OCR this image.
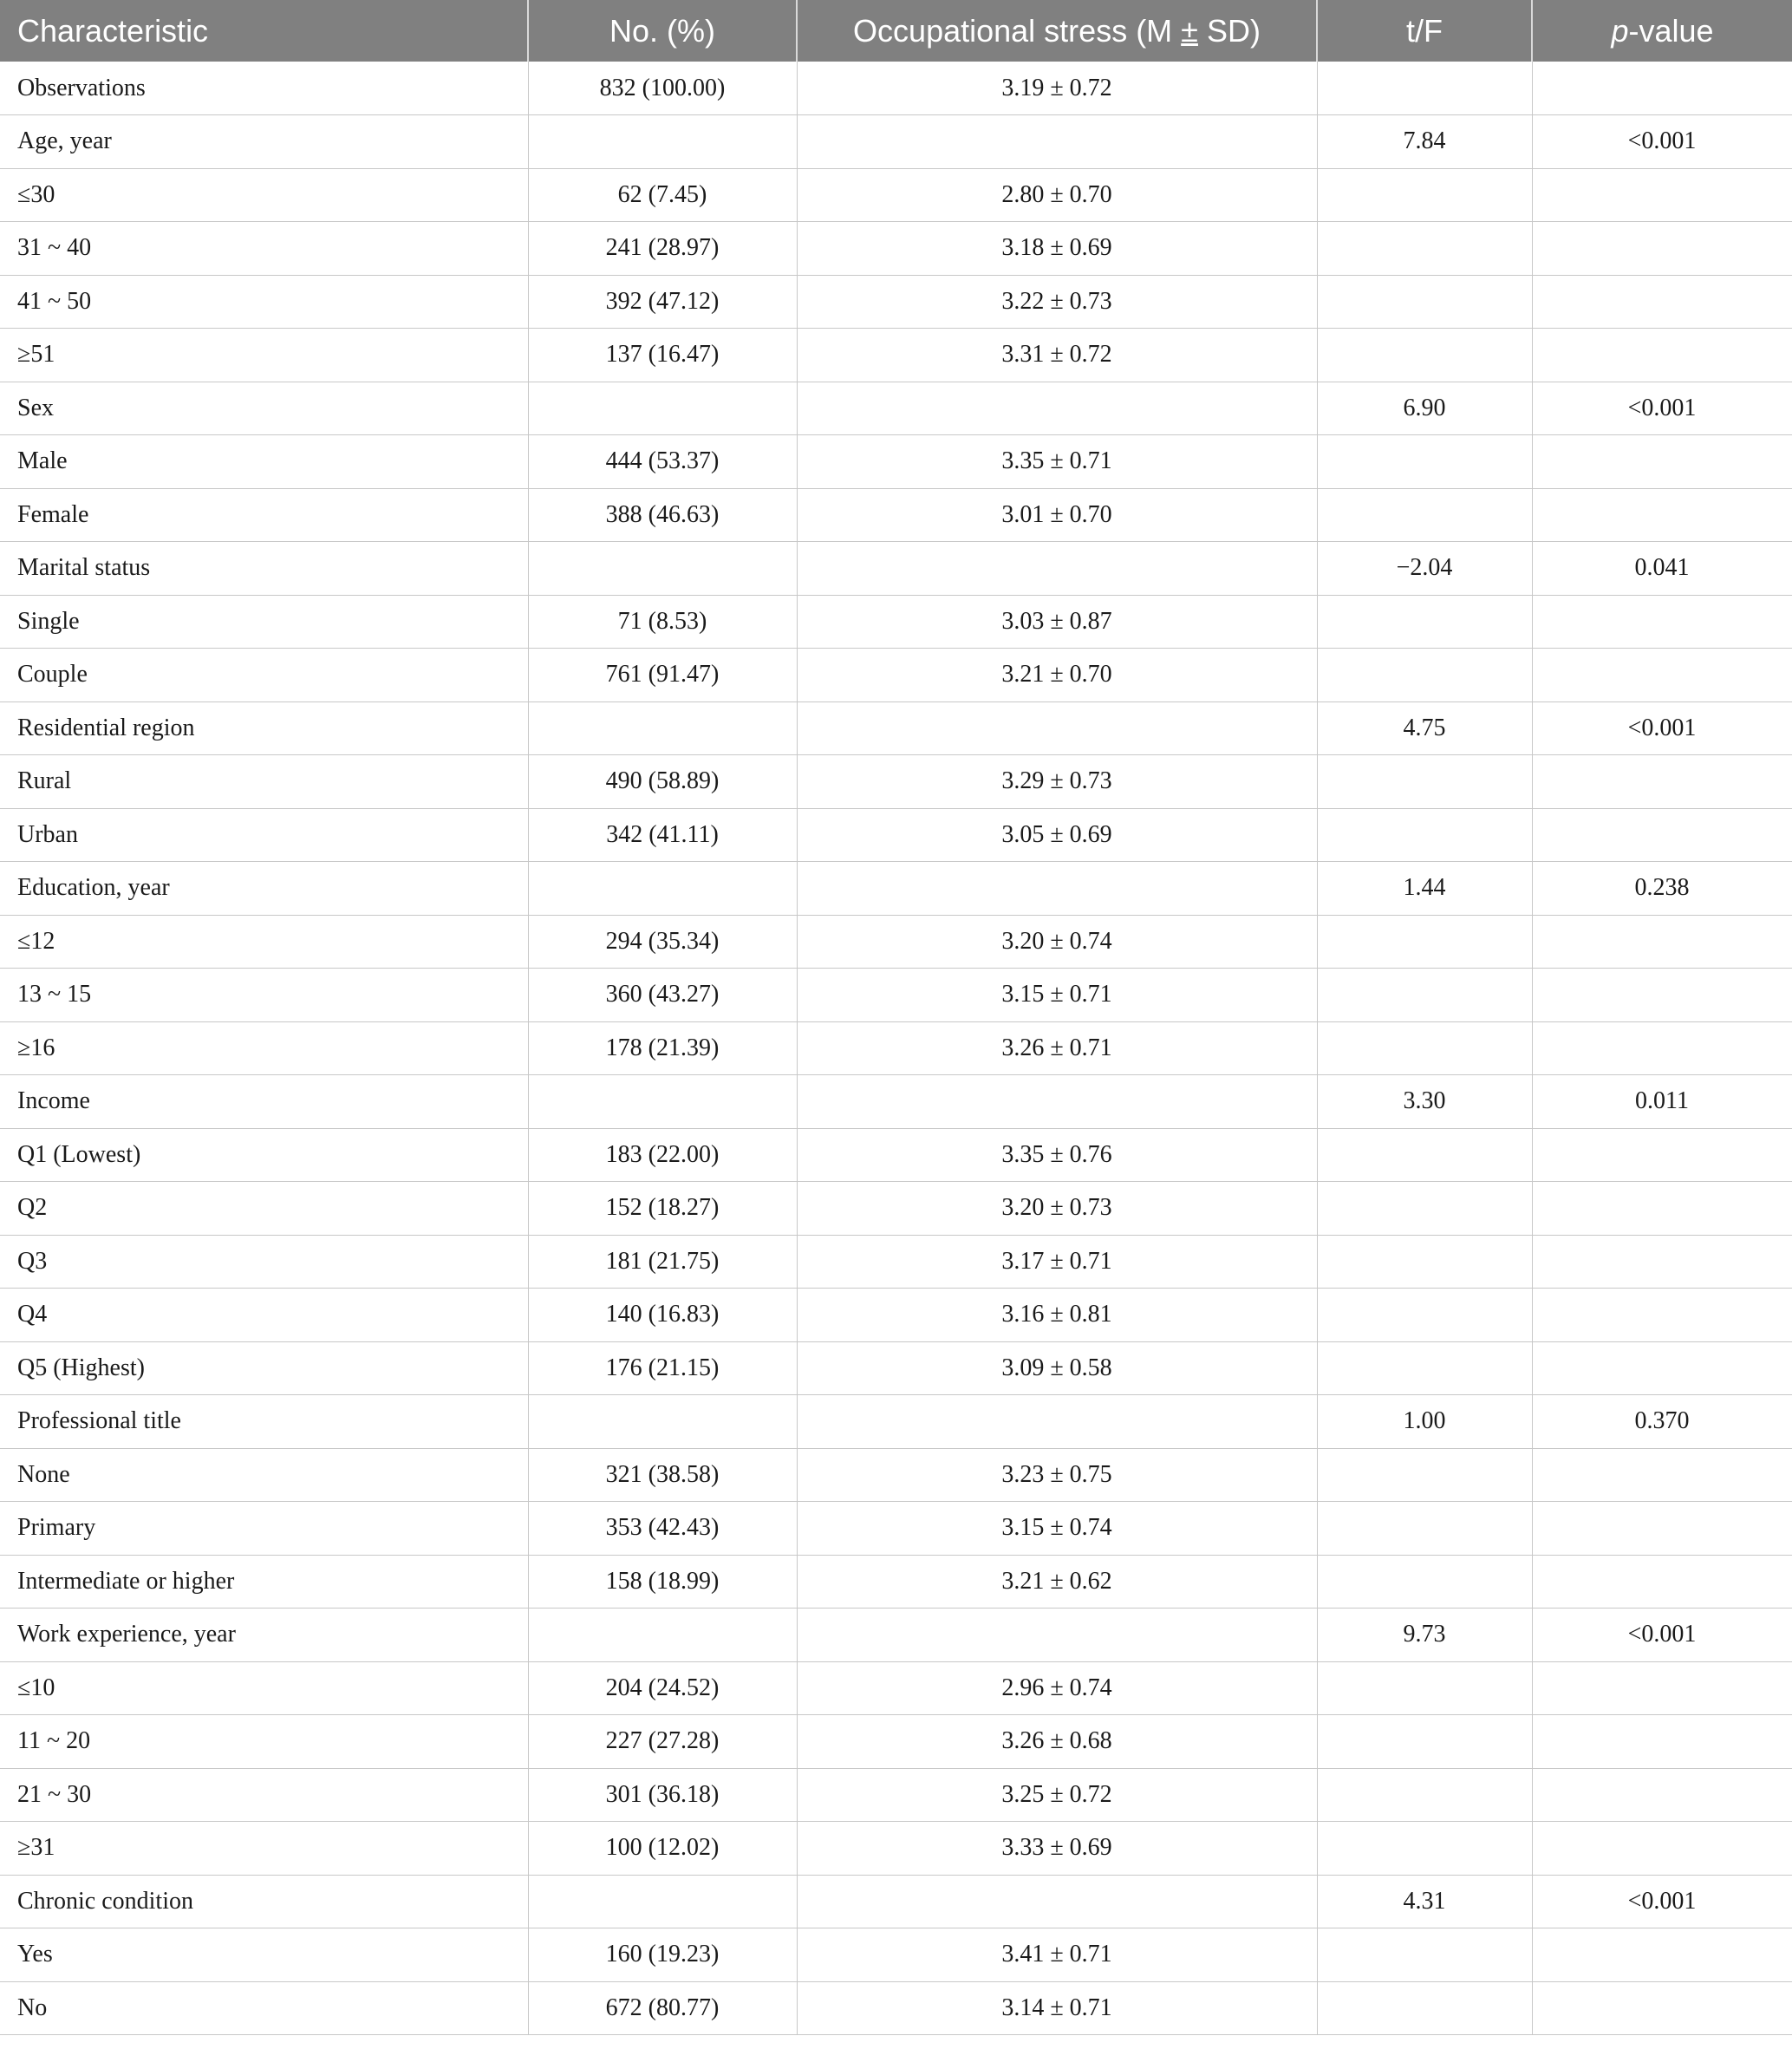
Characteristic	No. (%)	Occupational stress (M ± SD)	t/F	p-value
Observations	832 (100.00)	3.19 ± 0.72		
Age, year			7.84	<0.001
≤30	62 (7.45)	2.80 ± 0.70		
31 ~ 40	241 (28.97)	3.18 ± 0.69		
41 ~ 50	392 (47.12)	3.22 ± 0.73		
≥51	137 (16.47)	3.31 ± 0.72		
Sex			6.90	<0.001
Male	444 (53.37)	3.35 ± 0.71		
Female	388 (46.63)	3.01 ± 0.70		
Marital status			−2.04	0.041
Single	71 (8.53)	3.03 ± 0.87		
Couple	761 (91.47)	3.21 ± 0.70		
Residential region			4.75	<0.001
Rural	490 (58.89)	3.29 ± 0.73		
Urban	342 (41.11)	3.05 ± 0.69		
Education, year			1.44	0.238
≤12	294 (35.34)	3.20 ± 0.74		
13 ~ 15	360 (43.27)	3.15 ± 0.71		
≥16	178 (21.39)	3.26 ± 0.71		
Income			3.30	0.011
Q1 (Lowest)	183 (22.00)	3.35 ± 0.76		
Q2	152 (18.27)	3.20 ± 0.73		
Q3	181 (21.75)	3.17 ± 0.71		
Q4	140 (16.83)	3.16 ± 0.81		
Q5 (Highest)	176 (21.15)	3.09 ± 0.58		
Professional title			1.00	0.370
None	321 (38.58)	3.23 ± 0.75		
Primary	353 (42.43)	3.15 ± 0.74		
Intermediate or higher	158 (18.99)	3.21 ± 0.62		
Work experience, year			9.73	<0.001
≤10	204 (24.52)	2.96 ± 0.74		
11 ~ 20	227 (27.28)	3.26 ± 0.68		
21 ~ 30	301 (36.18)	3.25 ± 0.72		
≥31	100 (12.02)	3.33 ± 0.69		
Chronic condition			4.31	<0.001
Yes	160 (19.23)	3.41 ± 0.71		
No	672 (80.77)	3.14 ± 0.71		
